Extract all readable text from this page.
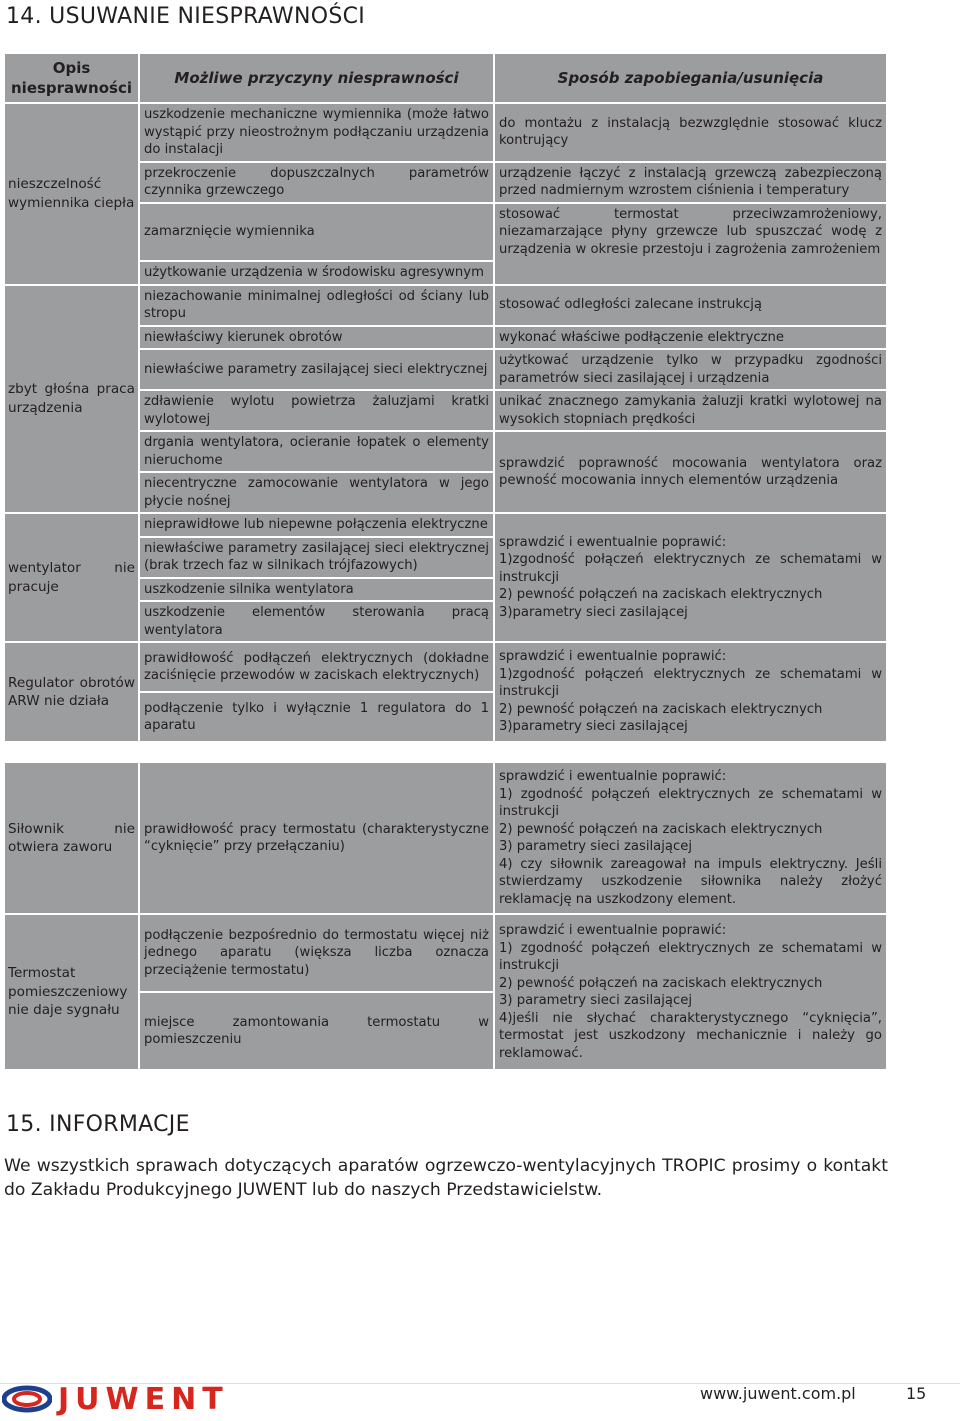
14. USUWANIE NIESPRAWNOŚCI
Opis niesprawności	Możliwe przyczyny niesprawności	Sposób zapobiegania/usunięcia
nieszczelność wymiennika ciepła	uszkodzenie mechaniczne wymiennika (może łatwo wystąpić przy nieostrożnym podłączaniu urządzenia do instalacji	do montażu z instalacją bezwzględnie stosować klucz kontrujący
	przekroczenie dopuszczalnych parametrów czynnika grzewczego	urządzenie łączyć z instalacją grzewczą zabezpieczoną przed nadmiernym wzrostem ciśnienia i temperatury
	zamarznięcie wymiennika	stosować termostat przeciwzamrożeniowy, niezamarzające płyny grzewcze lub spuszczać wodę z urządzenia w okresie przestoju i zagrożenia zamrożeniem
	użytkowanie urządzenia w środowisku agresywnym	
zbyt głośna praca urządzenia	niezachowanie minimalnej odległości od ściany lub stropu	stosować odległości zalecane instrukcją
	niewłaściwy kierunek obrotów	wykonać właściwe podłączenie elektryczne
	niewłaściwe parametry zasilającej sieci elektrycznej	użytkować urządzenie tylko w przypadku zgodności parametrów sieci zasilającej i urządzenia
	zdławienie wylotu powietrza żaluzjami kratki wylotowej	unikać znacznego zamykania żaluzji kratki wylotowej na wysokich stopniach prędkości
	drgania wentylatora, ocieranie łopatek o elementy nieruchome	sprawdzić poprawność mocowania wentylatora oraz pewność mocowania innych elementów urządzenia
	niecentryczne zamocowanie wentylatora w jego płycie nośnej	
wentylator nie pracuje	nieprawidłowe lub niepewne połączenia elektryczne	sprawdzić i ewentualnie poprawić:
1)zgodność połączeń elektrycznych ze schematami w instrukcji
2) pewność połączeń na zaciskach elektrycznych
3)parametry sieci zasilającej
	niewłaściwe parametry zasilającej sieci elektrycznej (brak trzech faz w silnikach trójfazowych)	
	uszkodzenie silnika wentylatora	
	uszkodzenie elementów sterowania pracą wentylatora	
Regulator obrotów ARW nie działa	prawidłowość podłączeń elektrycznych (dokładne zaciśnięcie przewodów w zaciskach elektrycznych)	sprawdzić i ewentualnie poprawić:
1)zgodność połączeń elektrycznych ze schematami w instrukcji
2) pewność połączeń na zaciskach elektrycznych
3)parametry sieci zasilającej
	podłączenie tylko i wyłącznie 1 regulatora do 1 aparatu	

Siłownik nie otwiera zaworu	prawidłowość pracy termostatu (charakterystyczne “cyknięcie” przy przełączaniu)	sprawdzić i ewentualnie poprawić:
1) zgodność połączeń elektrycznych ze schematami w instrukcji
2) pewność połączeń na zaciskach elektrycznych
3) parametry sieci zasilającej
4) czy siłownik zareagował na impuls elektryczny. Jeśli stwierdzamy uszkodzenie siłownika należy złożyć reklamację na uszkodzony element.
Termostat pomieszczeniowy nie daje sygnału	podłączenie bezpośrednio do termostatu więcej niż jednego aparatu (większa liczba oznacza przeciążenie termostatu)	sprawdzić i ewentualnie poprawić:
1) zgodność połączeń elektrycznych ze schematami w instrukcji
2) pewność połączeń na zaciskach elektrycznych
3) parametry sieci zasilającej
4)jeśli nie słychać charakterystycznego “cyknięcia”, termostat jest uszkodzony mechanicznie i należy go reklamować.
	miejsce zamontowania termostatu w pomieszczeniu	
15. INFORMACJE

We wszystkich sprawach dotyczących aparatów ogrzewczo-wentylacyjnych TROPIC prosimy o kontakt do Zakładu Produkcyjnego JUWENT lub do naszych Przedstawicielstw.

JUWENT	www.juwent.com.pl	15
